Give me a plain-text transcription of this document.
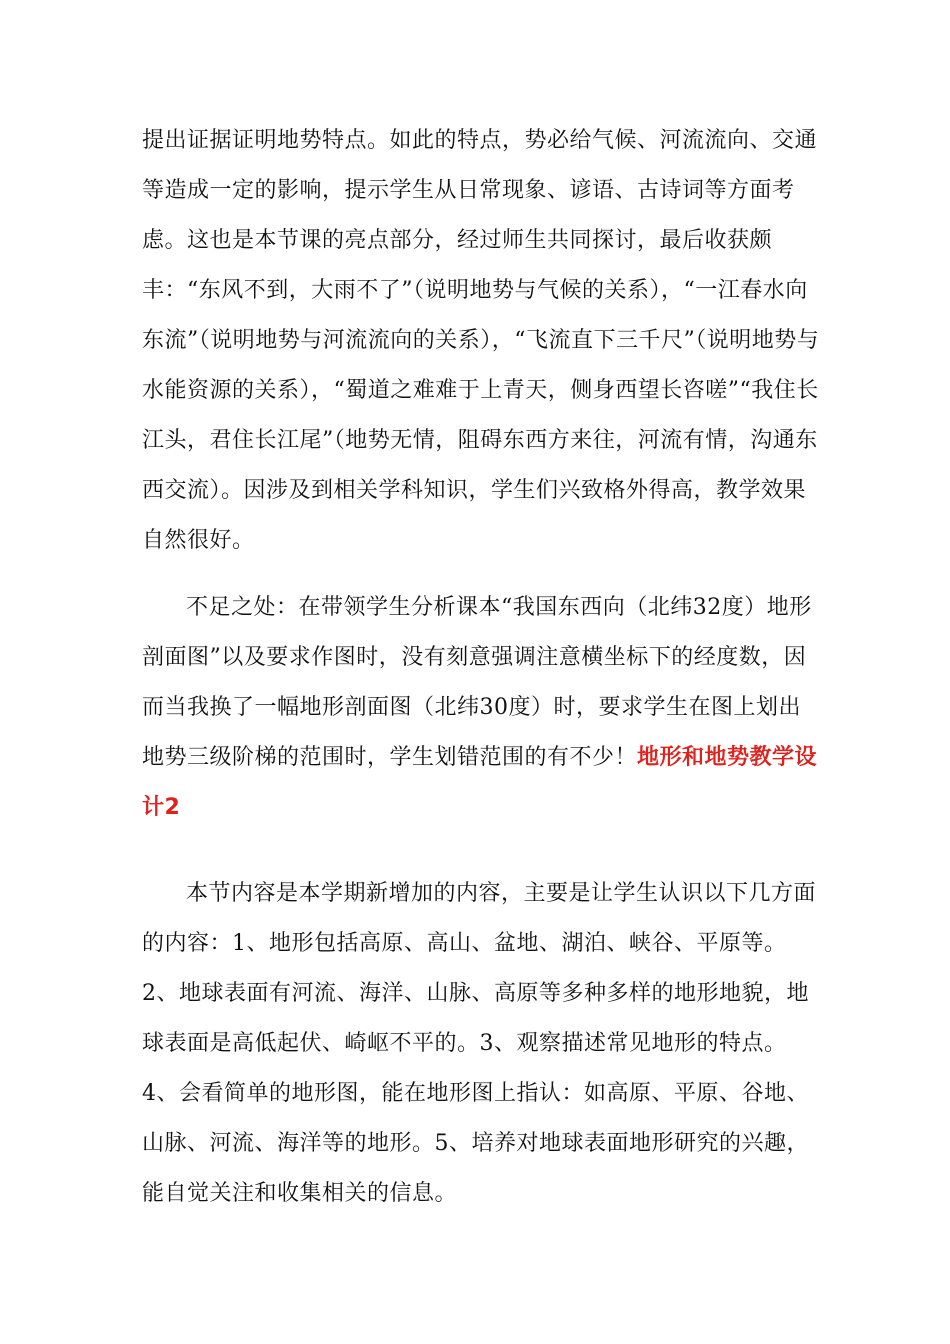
提出证据证明地势特点。如此的特点，势必给气候、河流流向、交通等造成一定的影响，提示学生从日常现象、谚语、古诗词等方面考虑。这也是本节课的亮点部分，经过师生共同探讨，最后收获颇丰：“东风不到，大雨不了”（说明地势与气候的关系），“一江春水向东流”（说明地势与河流流向的关系），“飞流直下三千尺”（说明地势与水能资源的关系），“蜀道之难难于上青天，侧身西望长咨嗟”“我住长江头，君住长江尾”（地势无情，阻碍东西方来往，河流有情，沟通东西交流）。因涉及到相关学科知识，学生们兴致格外得高，教学效果自然很好。

不足之处：在带领学生分析课本“我国东西向（北纬32度）地形剖面图”以及要求作图时，没有刻意强调注意横坐标下的经度数，因而当我换了一幅地形剖面图（北纬30度）时，要求学生在图上划出地势三级阶梯的范围时，学生划错范围的有不少！地形和地势教学设计2

本节内容是本学期新增加的内容，主要是让学生认识以下几方面的内容：1、地形包括高原、高山、盆地、湖泊、峡谷、平原等。2、地球表面有河流、海洋、山脉、高原等多种多样的地形地貌，地球表面是高低起伏、崎岖不平的。3、观察描述常见地形的特点。4、会看简单的地形图，能在地形图上指认：如高原、平原、谷地、山脉、河流、海洋等的地形。5、培养对地球表面地形研究的兴趣，能自觉关注和收集相关的信息。
